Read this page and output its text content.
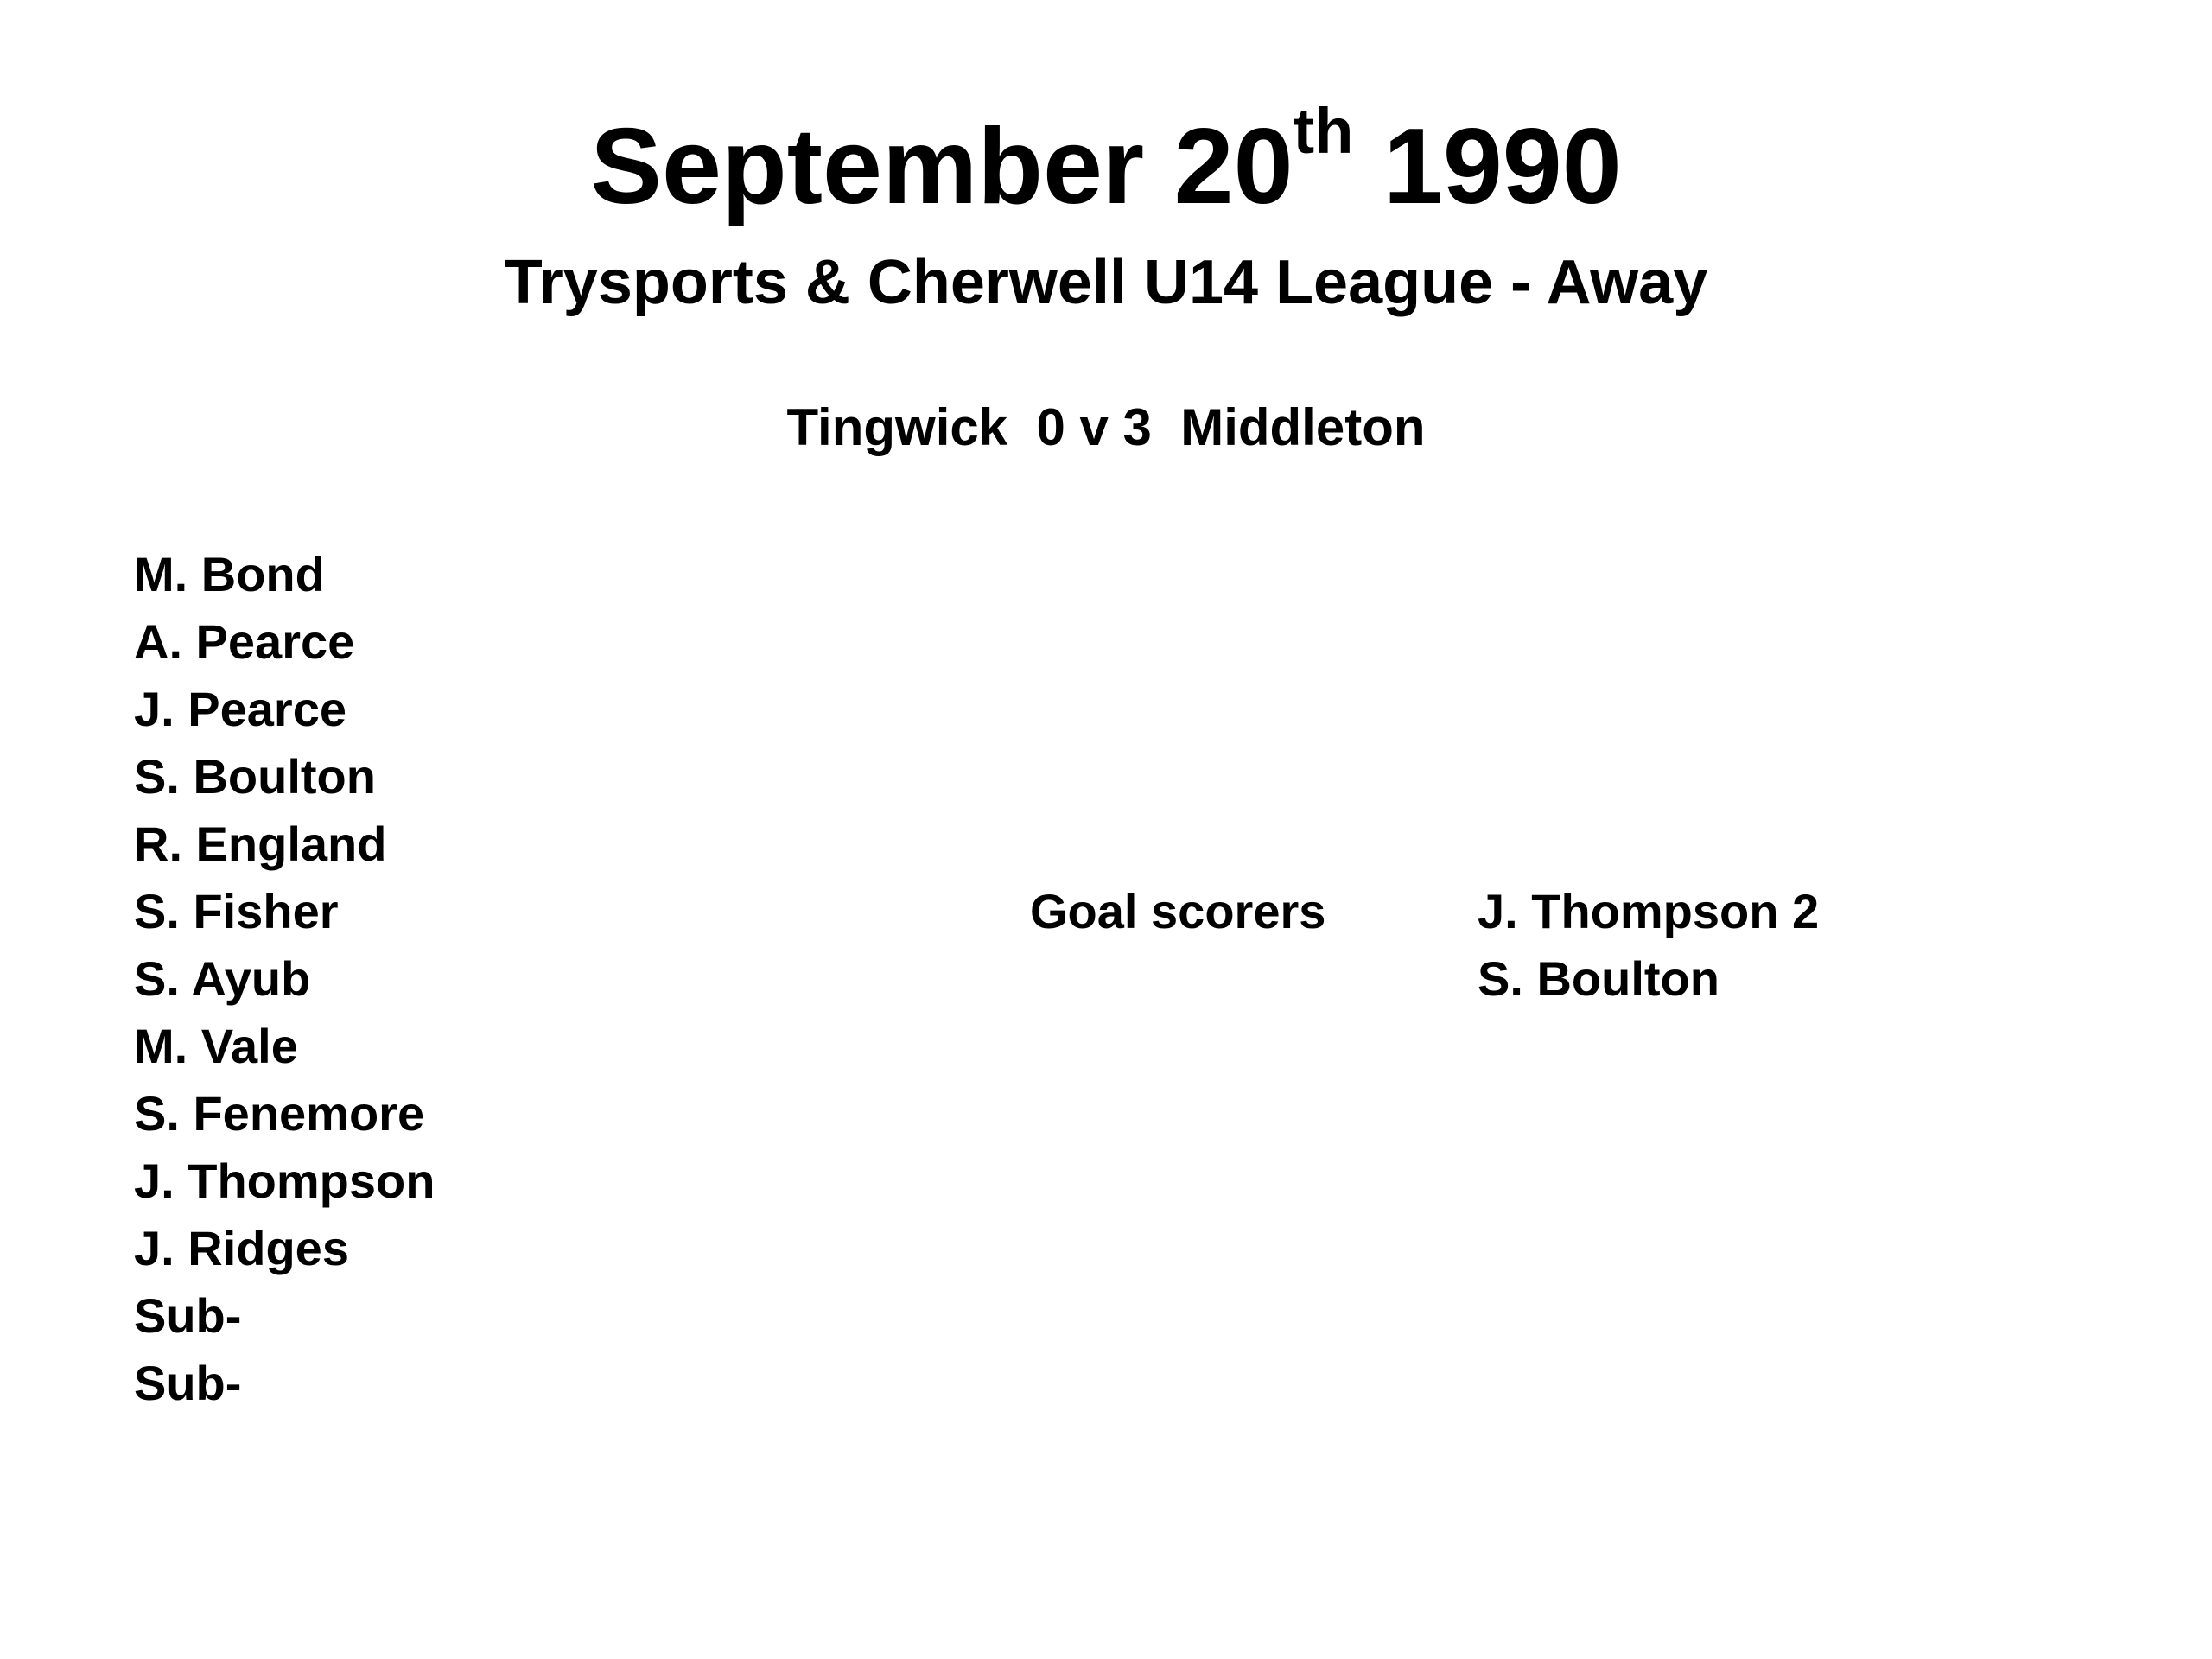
September 20th 1990
Trysports & Cherwell U14 League - Away
Tingwick  0 v 3  Middleton
M. Bond
A. Pearce
J. Pearce
S. Boulton
R. England
S. Fisher
S. Ayub
M. Vale
S. Fenemore
J. Thompson
J. Ridges
Sub-
Sub-
Goal scorers	J. Thompson 2
S. Boulton
